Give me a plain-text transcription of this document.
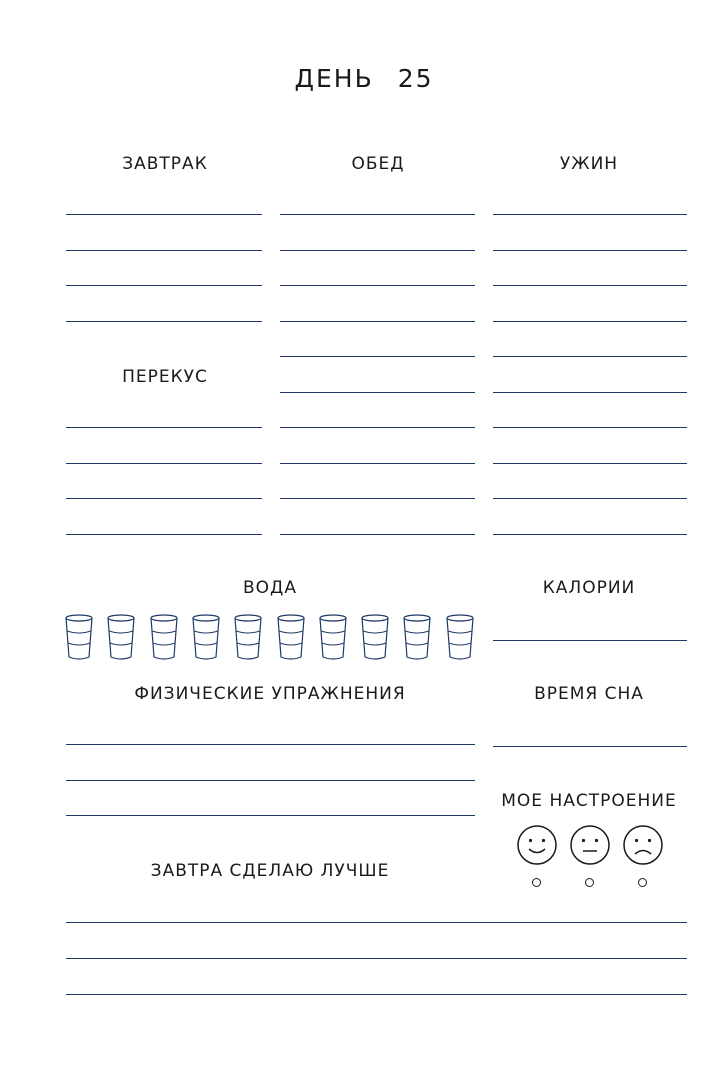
ДЕНЬ 25
ЗАВТРАК	ОБЕД	УЖИН
ПЕРЕКУС
ВОДА	КАЛОРИИ
ФИЗИЧЕСКИЕ УПРАЖНЕНИЯ	ВРЕМЯ СНА
МОЕ НАСТРОЕНИЕ
ЗАВТРА СДЕЛАЮ ЛУЧШЕ
